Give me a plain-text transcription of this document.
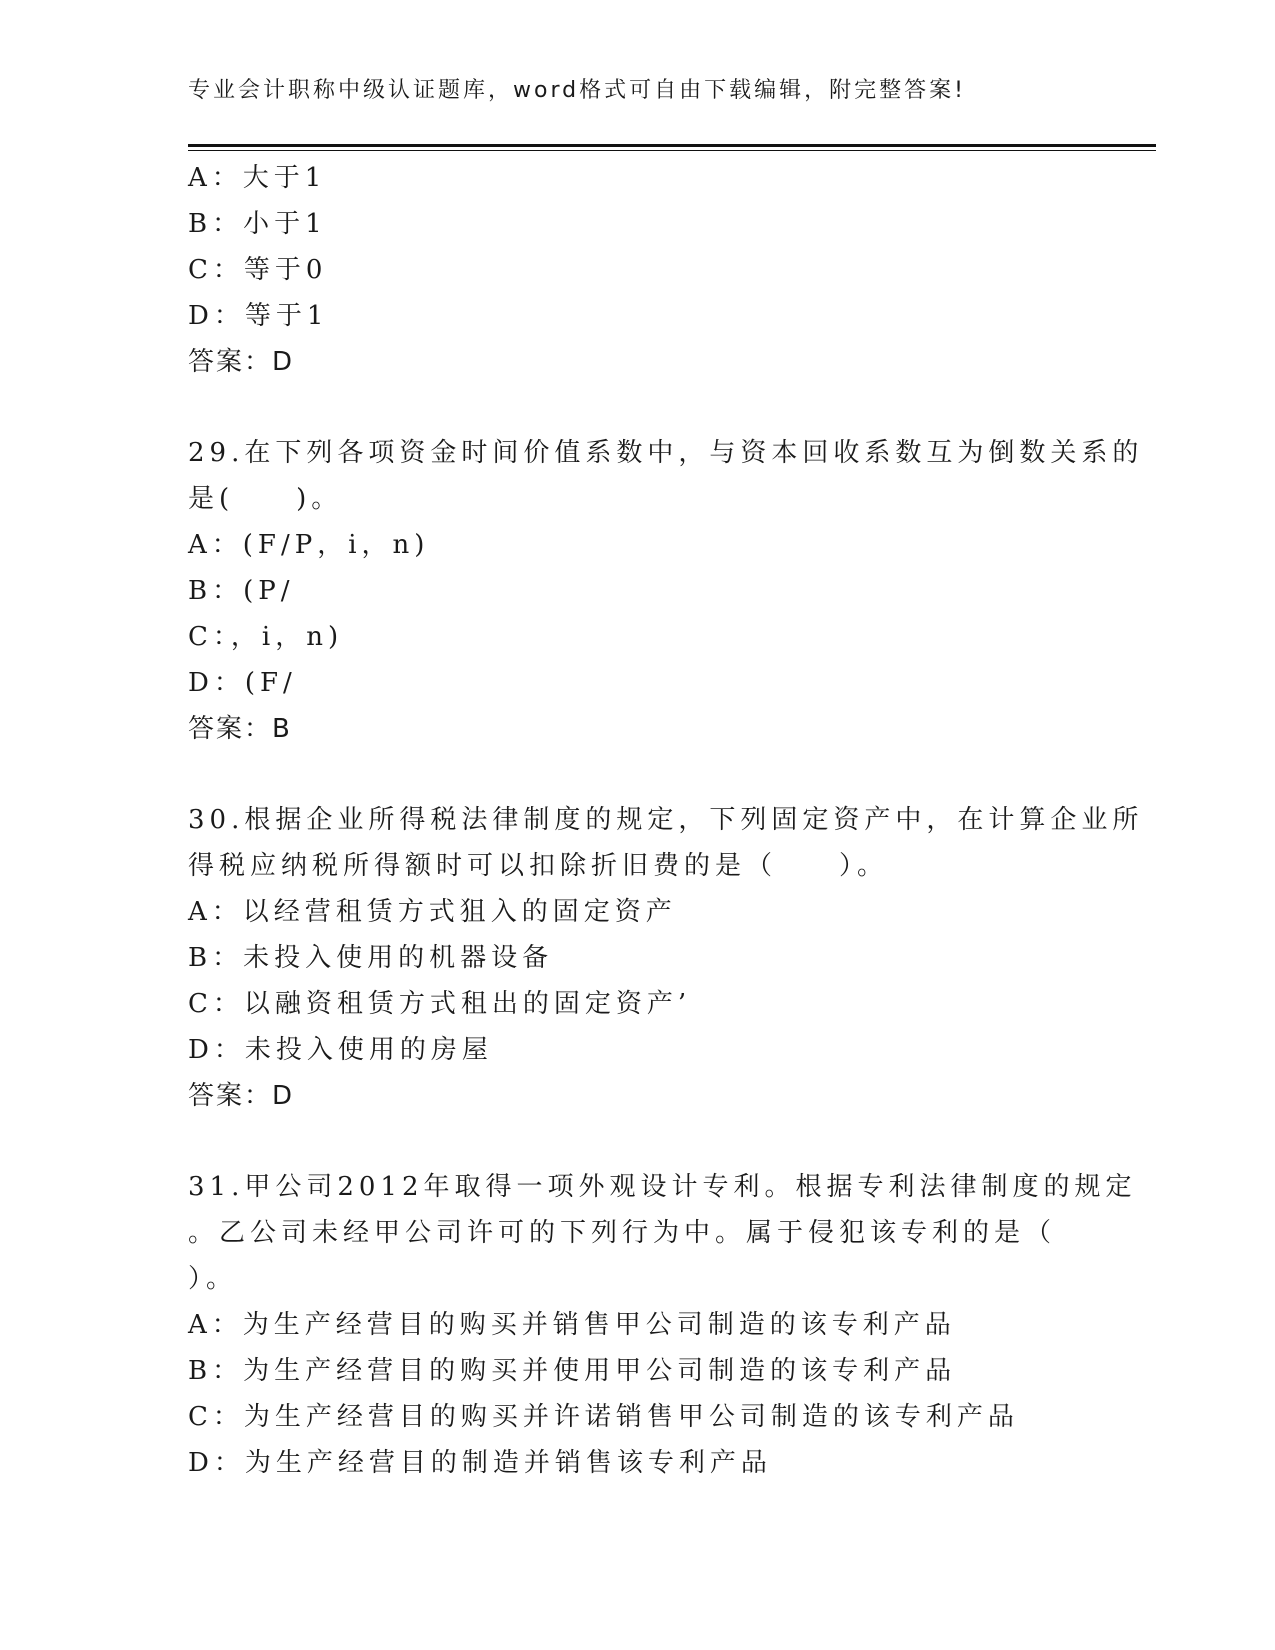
专业会计职称中级认证题库，word格式可自由下载编辑，附完整答案!
A：大于1
B：小于1
C：等于0
D：等于1
答案：D
29.在下列各项资金时间价值系数中，与资本回收系数互为倒数关系的
是(　　)。
A：(F/P，i，n)
B：(P/
C：，i，n)
D：(F/
答案：B
30.根据企业所得税法律制度的规定，下列固定资产中，在计算企业所
得税应纳税所得额时可以扣除折旧费的是（　　）。
A：以经营租赁方式狙入的固定资产
B：未投入使用的机器设备
C：以融资租赁方式租出的固定资产’
D：未投入使用的房屋
答案：D
31.甲公司2012年取得一项外观设计专利。根据专利法律制度的规定
。乙公司未经甲公司许可的下列行为中。属于侵犯该专利的是（
）。
A：为生产经营目的购买并销售甲公司制造的该专利产品
B：为生产经营目的购买并使用甲公司制造的该专利产品
C：为生产经营目的购买并许诺销售甲公司制造的该专利产品
D：为生产经营目的制造并销售该专利产品
